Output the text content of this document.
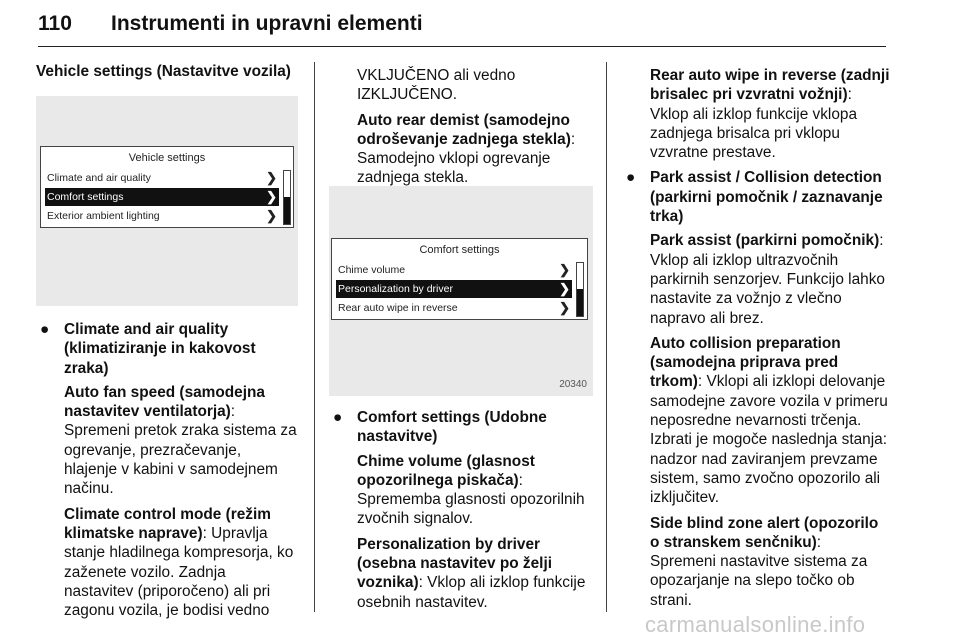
110 Instrumenti in upravni elementi

Vehicle settings (Nastavitve vozila)

Vehicle settings
Climate and air quality	❯
Comfort settings	❯
Exterior ambient lighting	❯

● Climate and air quality (klimatiziranje in kakovost zraka)

Auto fan speed (samodejna nastavitev ventilatorja):
Spremeni pretok zraka sistema za ogrevanje, prezračevanje, hlajenje v kabini v samodejnem načinu.

Climate control mode (režim klimatske naprave): Upravlja stanje hladilnega kompresorja, ko zaženete vozilo. Zadnja nastavitev (priporočeno) ali pri zagonu vozila, je bodisi vedno

VKLJUČENO ali vedno IZKLJUČENO.

Auto rear demist (samodejno odroševanje zadnjega stekla):
Samodejno vklopi ogrevanje zadnjega stekla.

Comfort settings
Chime volume	❯
Personalization by driver	❯
Rear auto wipe in reverse	❯
20340

● Comfort settings (Udobne nastavitve)

Chime volume (glasnost opozorilnega piskača):
Sprememba glasnosti opozorilnih zvočnih signalov.

Personalization by driver (osebna nastavitev po želji voznika): Vklop ali izklop funkcije osebnih nastavitev.

Rear auto wipe in reverse (zadnji brisalec pri vzvratni vožnji): Vklop ali izklop funkcije vklopa zadnjega brisalca pri vklopu vzvratne prestave.

● Park assist / Collision detection (parkirni pomočnik / zaznavanje trka)

Park assist (parkirni pomočnik):
Vklop ali izklop ultrazvočnih parkirnih senzorjev. Funkcijo lahko nastavite za vožnjo z vlečno napravo ali brez.

Auto collision preparation (samodejna priprava pred trkom): Vklopi ali izklopi delovanje samodejne zavore vozila v primeru neposredne nevarnosti trčenja. Izbrati je mogoče naslednja stanja: nadzor nad zaviranjem prevzame sistem, samo zvočno opozorilo ali izključitev.

Side blind zone alert (opozorilo o stranskem senčniku): Spremeni nastavitve sistema za opozarjanje na slepo točko ob strani.

carmanualsonline.info
